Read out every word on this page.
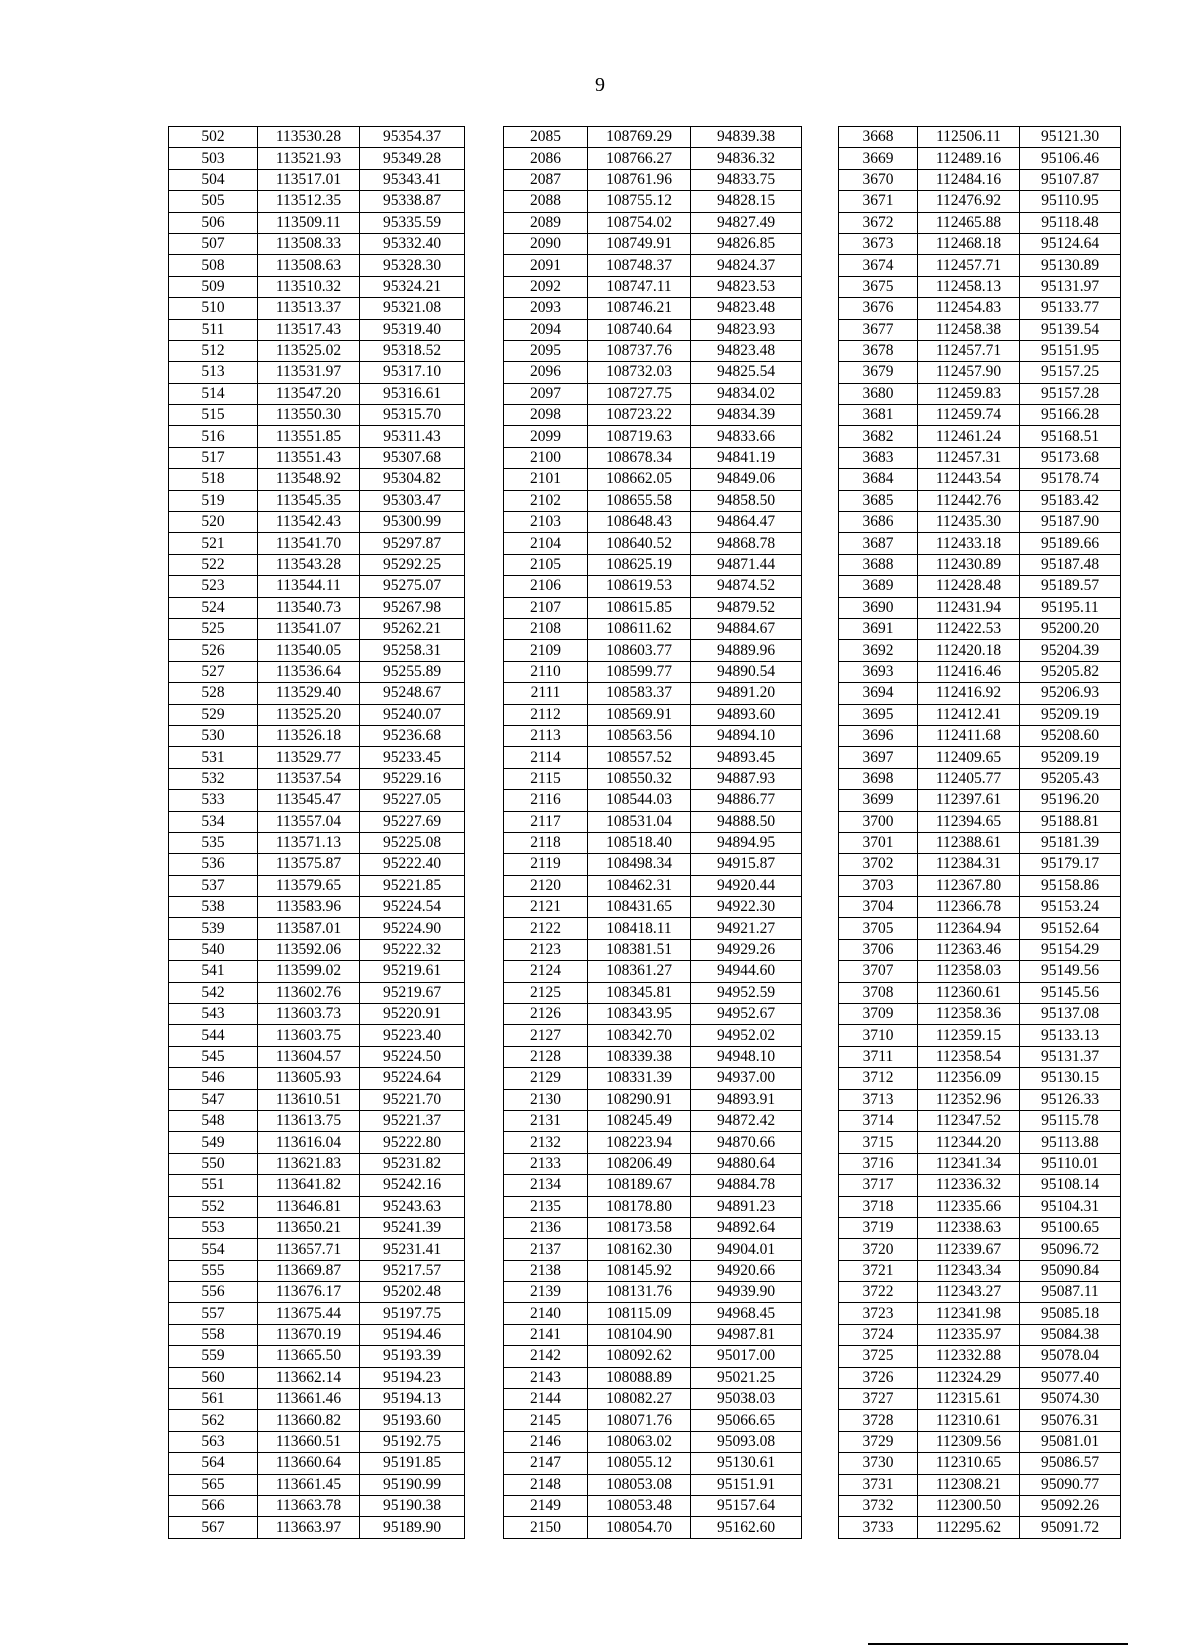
9
502	113530.28	95354.37
503	113521.93	95349.28
504	113517.01	95343.41
505	113512.35	95338.87
506	113509.11	95335.59
507	113508.33	95332.40
508	113508.63	95328.30
509	113510.32	95324.21
510	113513.37	95321.08
511	113517.43	95319.40
512	113525.02	95318.52
513	113531.97	95317.10
514	113547.20	95316.61
515	113550.30	95315.70
516	113551.85	95311.43
517	113551.43	95307.68
518	113548.92	95304.82
519	113545.35	95303.47
520	113542.43	95300.99
521	113541.70	95297.87
522	113543.28	95292.25
523	113544.11	95275.07
524	113540.73	95267.98
525	113541.07	95262.21
526	113540.05	95258.31
527	113536.64	95255.89
528	113529.40	95248.67
529	113525.20	95240.07
530	113526.18	95236.68
531	113529.77	95233.45
532	113537.54	95229.16
533	113545.47	95227.05
534	113557.04	95227.69
535	113571.13	95225.08
536	113575.87	95222.40
537	113579.65	95221.85
538	113583.96	95224.54
539	113587.01	95224.90
540	113592.06	95222.32
541	113599.02	95219.61
542	113602.76	95219.67
543	113603.73	95220.91
544	113603.75	95223.40
545	113604.57	95224.50
546	113605.93	95224.64
547	113610.51	95221.70
548	113613.75	95221.37
549	113616.04	95222.80
550	113621.83	95231.82
551	113641.82	95242.16
552	113646.81	95243.63
553	113650.21	95241.39
554	113657.71	95231.41
555	113669.87	95217.57
556	113676.17	95202.48
557	113675.44	95197.75
558	113670.19	95194.46
559	113665.50	95193.39
560	113662.14	95194.23
561	113661.46	95194.13
562	113660.82	95193.60
563	113660.51	95192.75
564	113660.64	95191.85
565	113661.45	95190.99
566	113663.78	95190.38
567	113663.97	95189.90
2085	108769.29	94839.38
2086	108766.27	94836.32
2087	108761.96	94833.75
2088	108755.12	94828.15
2089	108754.02	94827.49
2090	108749.91	94826.85
2091	108748.37	94824.37
2092	108747.11	94823.53
2093	108746.21	94823.48
2094	108740.64	94823.93
2095	108737.76	94823.48
2096	108732.03	94825.54
2097	108727.75	94834.02
2098	108723.22	94834.39
2099	108719.63	94833.66
2100	108678.34	94841.19
2101	108662.05	94849.06
2102	108655.58	94858.50
2103	108648.43	94864.47
2104	108640.52	94868.78
2105	108625.19	94871.44
2106	108619.53	94874.52
2107	108615.85	94879.52
2108	108611.62	94884.67
2109	108603.77	94889.96
2110	108599.77	94890.54
2111	108583.37	94891.20
2112	108569.91	94893.60
2113	108563.56	94894.10
2114	108557.52	94893.45
2115	108550.32	94887.93
2116	108544.03	94886.77
2117	108531.04	94888.50
2118	108518.40	94894.95
2119	108498.34	94915.87
2120	108462.31	94920.44
2121	108431.65	94922.30
2122	108418.11	94921.27
2123	108381.51	94929.26
2124	108361.27	94944.60
2125	108345.81	94952.59
2126	108343.95	94952.67
2127	108342.70	94952.02
2128	108339.38	94948.10
2129	108331.39	94937.00
2130	108290.91	94893.91
2131	108245.49	94872.42
2132	108223.94	94870.66
2133	108206.49	94880.64
2134	108189.67	94884.78
2135	108178.80	94891.23
2136	108173.58	94892.64
2137	108162.30	94904.01
2138	108145.92	94920.66
2139	108131.76	94939.90
2140	108115.09	94968.45
2141	108104.90	94987.81
2142	108092.62	95017.00
2143	108088.89	95021.25
2144	108082.27	95038.03
2145	108071.76	95066.65
2146	108063.02	95093.08
2147	108055.12	95130.61
2148	108053.08	95151.91
2149	108053.48	95157.64
2150	108054.70	95162.60
3668	112506.11	95121.30
3669	112489.16	95106.46
3670	112484.16	95107.87
3671	112476.92	95110.95
3672	112465.88	95118.48
3673	112468.18	95124.64
3674	112457.71	95130.89
3675	112458.13	95131.97
3676	112454.83	95133.77
3677	112458.38	95139.54
3678	112457.71	95151.95
3679	112457.90	95157.25
3680	112459.83	95157.28
3681	112459.74	95166.28
3682	112461.24	95168.51
3683	112457.31	95173.68
3684	112443.54	95178.74
3685	112442.76	95183.42
3686	112435.30	95187.90
3687	112433.18	95189.66
3688	112430.89	95187.48
3689	112428.48	95189.57
3690	112431.94	95195.11
3691	112422.53	95200.20
3692	112420.18	95204.39
3693	112416.46	95205.82
3694	112416.92	95206.93
3695	112412.41	95209.19
3696	112411.68	95208.60
3697	112409.65	95209.19
3698	112405.77	95205.43
3699	112397.61	95196.20
3700	112394.65	95188.81
3701	112388.61	95181.39
3702	112384.31	95179.17
3703	112367.80	95158.86
3704	112366.78	95153.24
3705	112364.94	95152.64
3706	112363.46	95154.29
3707	112358.03	95149.56
3708	112360.61	95145.56
3709	112358.36	95137.08
3710	112359.15	95133.13
3711	112358.54	95131.37
3712	112356.09	95130.15
3713	112352.96	95126.33
3714	112347.52	95115.78
3715	112344.20	95113.88
3716	112341.34	95110.01
3717	112336.32	95108.14
3718	112335.66	95104.31
3719	112338.63	95100.65
3720	112339.67	95096.72
3721	112343.34	95090.84
3722	112343.27	95087.11
3723	112341.98	95085.18
3724	112335.97	95084.38
3725	112332.88	95078.04
3726	112324.29	95077.40
3727	112315.61	95074.30
3728	112310.61	95076.31
3729	112309.56	95081.01
3730	112310.65	95086.57
3731	112308.21	95090.77
3732	112300.50	95092.26
3733	112295.62	95091.72
